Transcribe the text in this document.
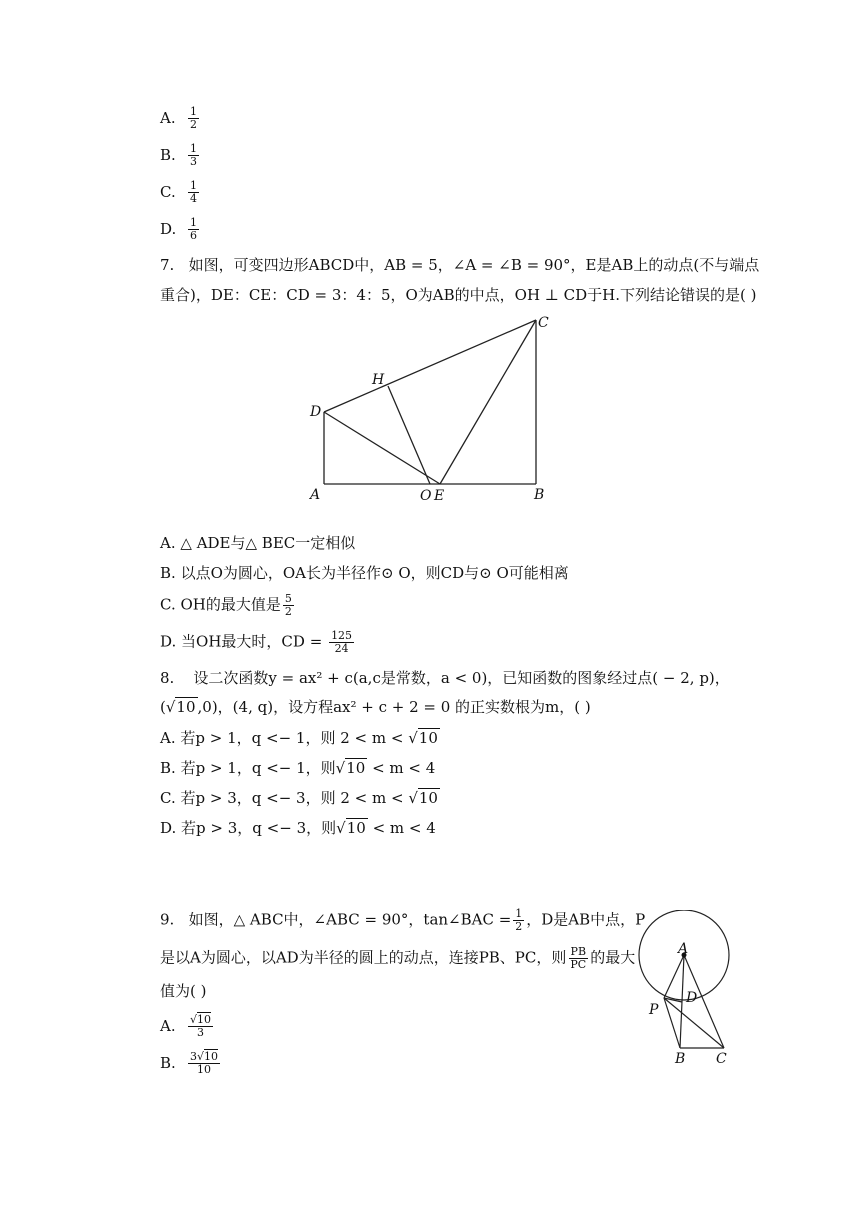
A. $\frac{1}{2}$
B. $\frac{1}{3}$
C. $\frac{1}{4}$
D. $\frac{1}{6}$
7. 如图，可变四边形ABCD中，AB = 5，∠A = ∠B = 90°，E是AB上的动点(不与端点
重合)，DE：CE：CD = 3：4：5，O为AB的中点，OH ⊥ CD于H.下列结论错误的是( )
A	B
C
D
O E
H
A. △ ADE与△ BEC一定相似
B. 以点O为圆心，OA长为半径作⊙ O，则CD与⊙ O可能相离
C. OH的最大值是 $\frac{5}{2}$
D. 当OH最大时，CD = $\frac{125}{24}$
8. 设二次函数y = ax² + c(a,c是常数，a < 0)，已知函数的图象经过点( − 2, p)，
(√10 ,0)，(4, q)，设方程ax² + c + 2 = 0 的正实数根为m，( )
A. 若p > 1，q <− 1，则 2 < m < √10
B. 若p > 1，q <− 1，则√10 < m < 4
C. 若p > 3，q <− 3，则 2 < m < √10
D. 若p > 3，q <− 3，则√10 < m < 4
9. 如图，△ ABC中，∠ABC = 90°，tan∠BAC = $\frac{1}{2}$ ，D是AB中点，P
是以A为圆心，以AD为半径的圆上的动点，连接PB、PC，则 $\frac{PB}{PC}$ 的最大
值为( )
A. $\frac{√10}{3}$
B. $\frac{3√10}{10}$
A
B C
D
P
